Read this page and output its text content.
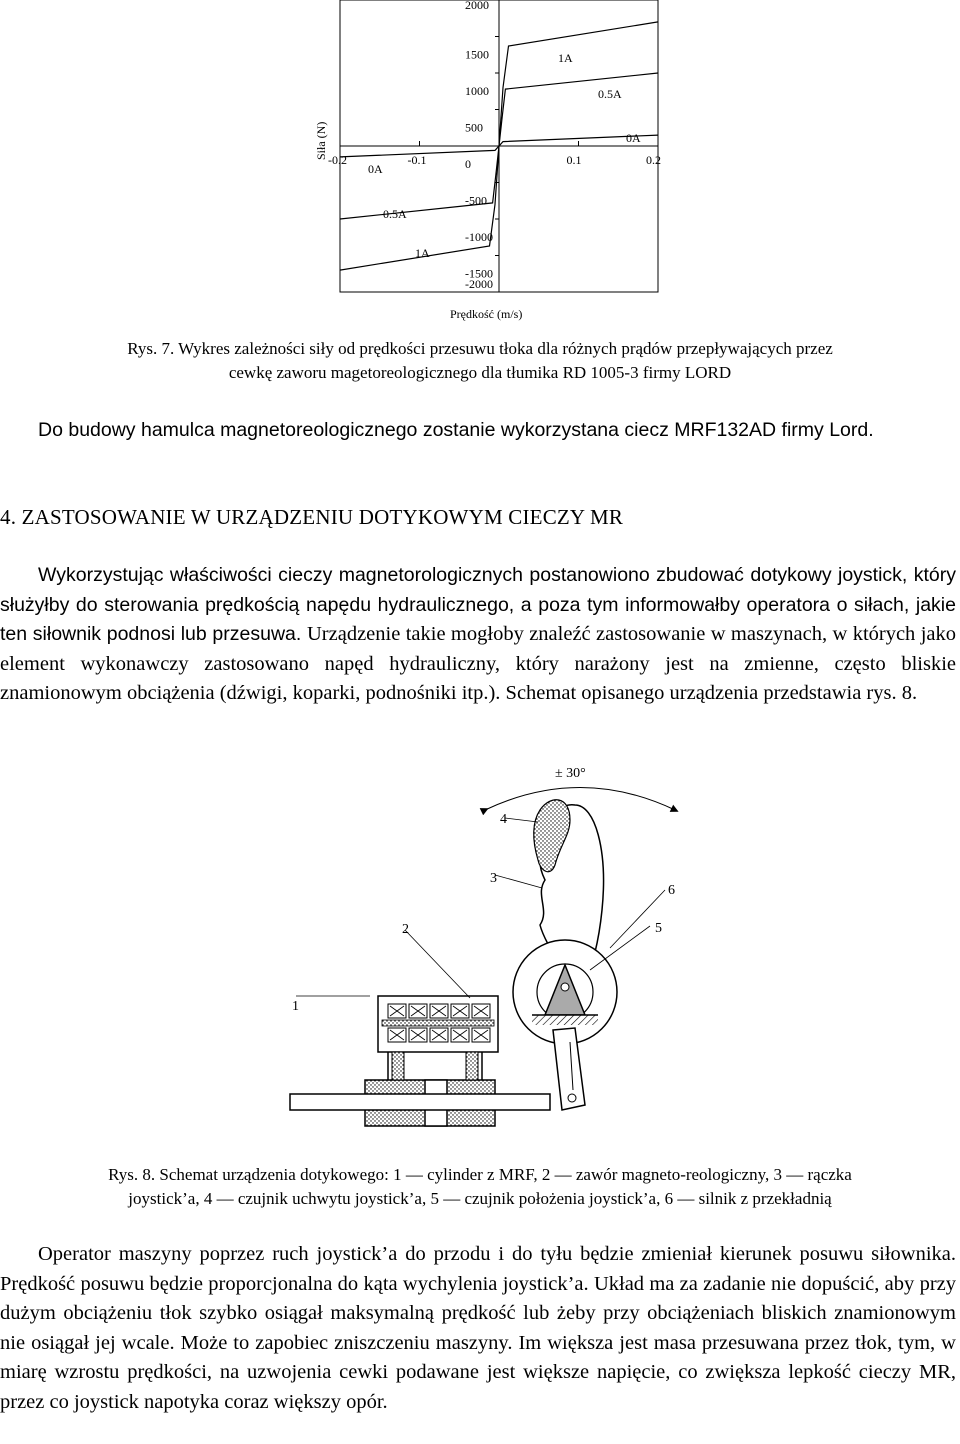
-0.2	-0.1	0.1	0.2
2000
1500
1000
500
0
-500
-1000
-1500
-2000
1A
0.5A
0A
0A
0.5A
1A
Prędkość (m/s)
Siła (N)
Rys. 7. Wykres zależności siły od prędkości przesuwu tłoka dla różnych prądów przepływających przez
cewkę zaworu magetoreologicznego dla tłumika RD 1005-3 firmy LORD
Do budowy hamulca magnetoreologicznego zostanie wykorzystana ciecz MRF132AD firmy Lord.
4. ZASTOSOWANIE W URZĄDZENIU DOTYKOWYM CIECZY MR
Wykorzystując właściwości cieczy magnetorologicznych postanowiono zbudować dotykowy joystick, który służyłby do sterowania prędkością napędu hydraulicznego, a poza tym informowałby operatora o siłach, jakie ten siłownik podnosi lub przesuwa. Urządzenie takie mogłoby znaleźć zastosowanie w maszynach, w których jako element wykonawczy zastosowano napęd hydrauliczny, który narażony jest na zmienne, często bliskie znamionowym obciążenia (dźwigi, koparki, podnośniki itp.). Schemat opisanego urządzenia przedstawia rys. 8.
± 30°
1
2
3
4
5
6
Rys. 8. Schemat urządzenia dotykowego: 1 — cylinder z MRF, 2 — zawór magneto-reologiczny, 3 — rączka
joystick’a, 4 — czujnik uchwytu joystick’a, 5 — czujnik położenia joystick’a, 6 — silnik z przekładnią
Operator maszyny poprzez ruch joystick’a do przodu i do tyłu będzie zmieniał kierunek posuwu siłownika. Prędkość posuwu będzie proporcjonalna do kąta wychylenia joystick’a. Układ ma za zadanie nie dopuścić, aby przy dużym obciążeniu tłok szybko osiągał maksymalną prędkość lub żeby przy obciążeniach bliskich znamionowym nie osiągał jej wcale. Może to zapobiec zniszczeniu maszyny. Im większa jest masa przesuwana przez tłok, tym, w miarę wzrostu prędkości, na uzwojenia cewki podawane jest większe napięcie, co zwiększa lepkość cieczy MR, przez co joystick napotyka coraz większy opór.
